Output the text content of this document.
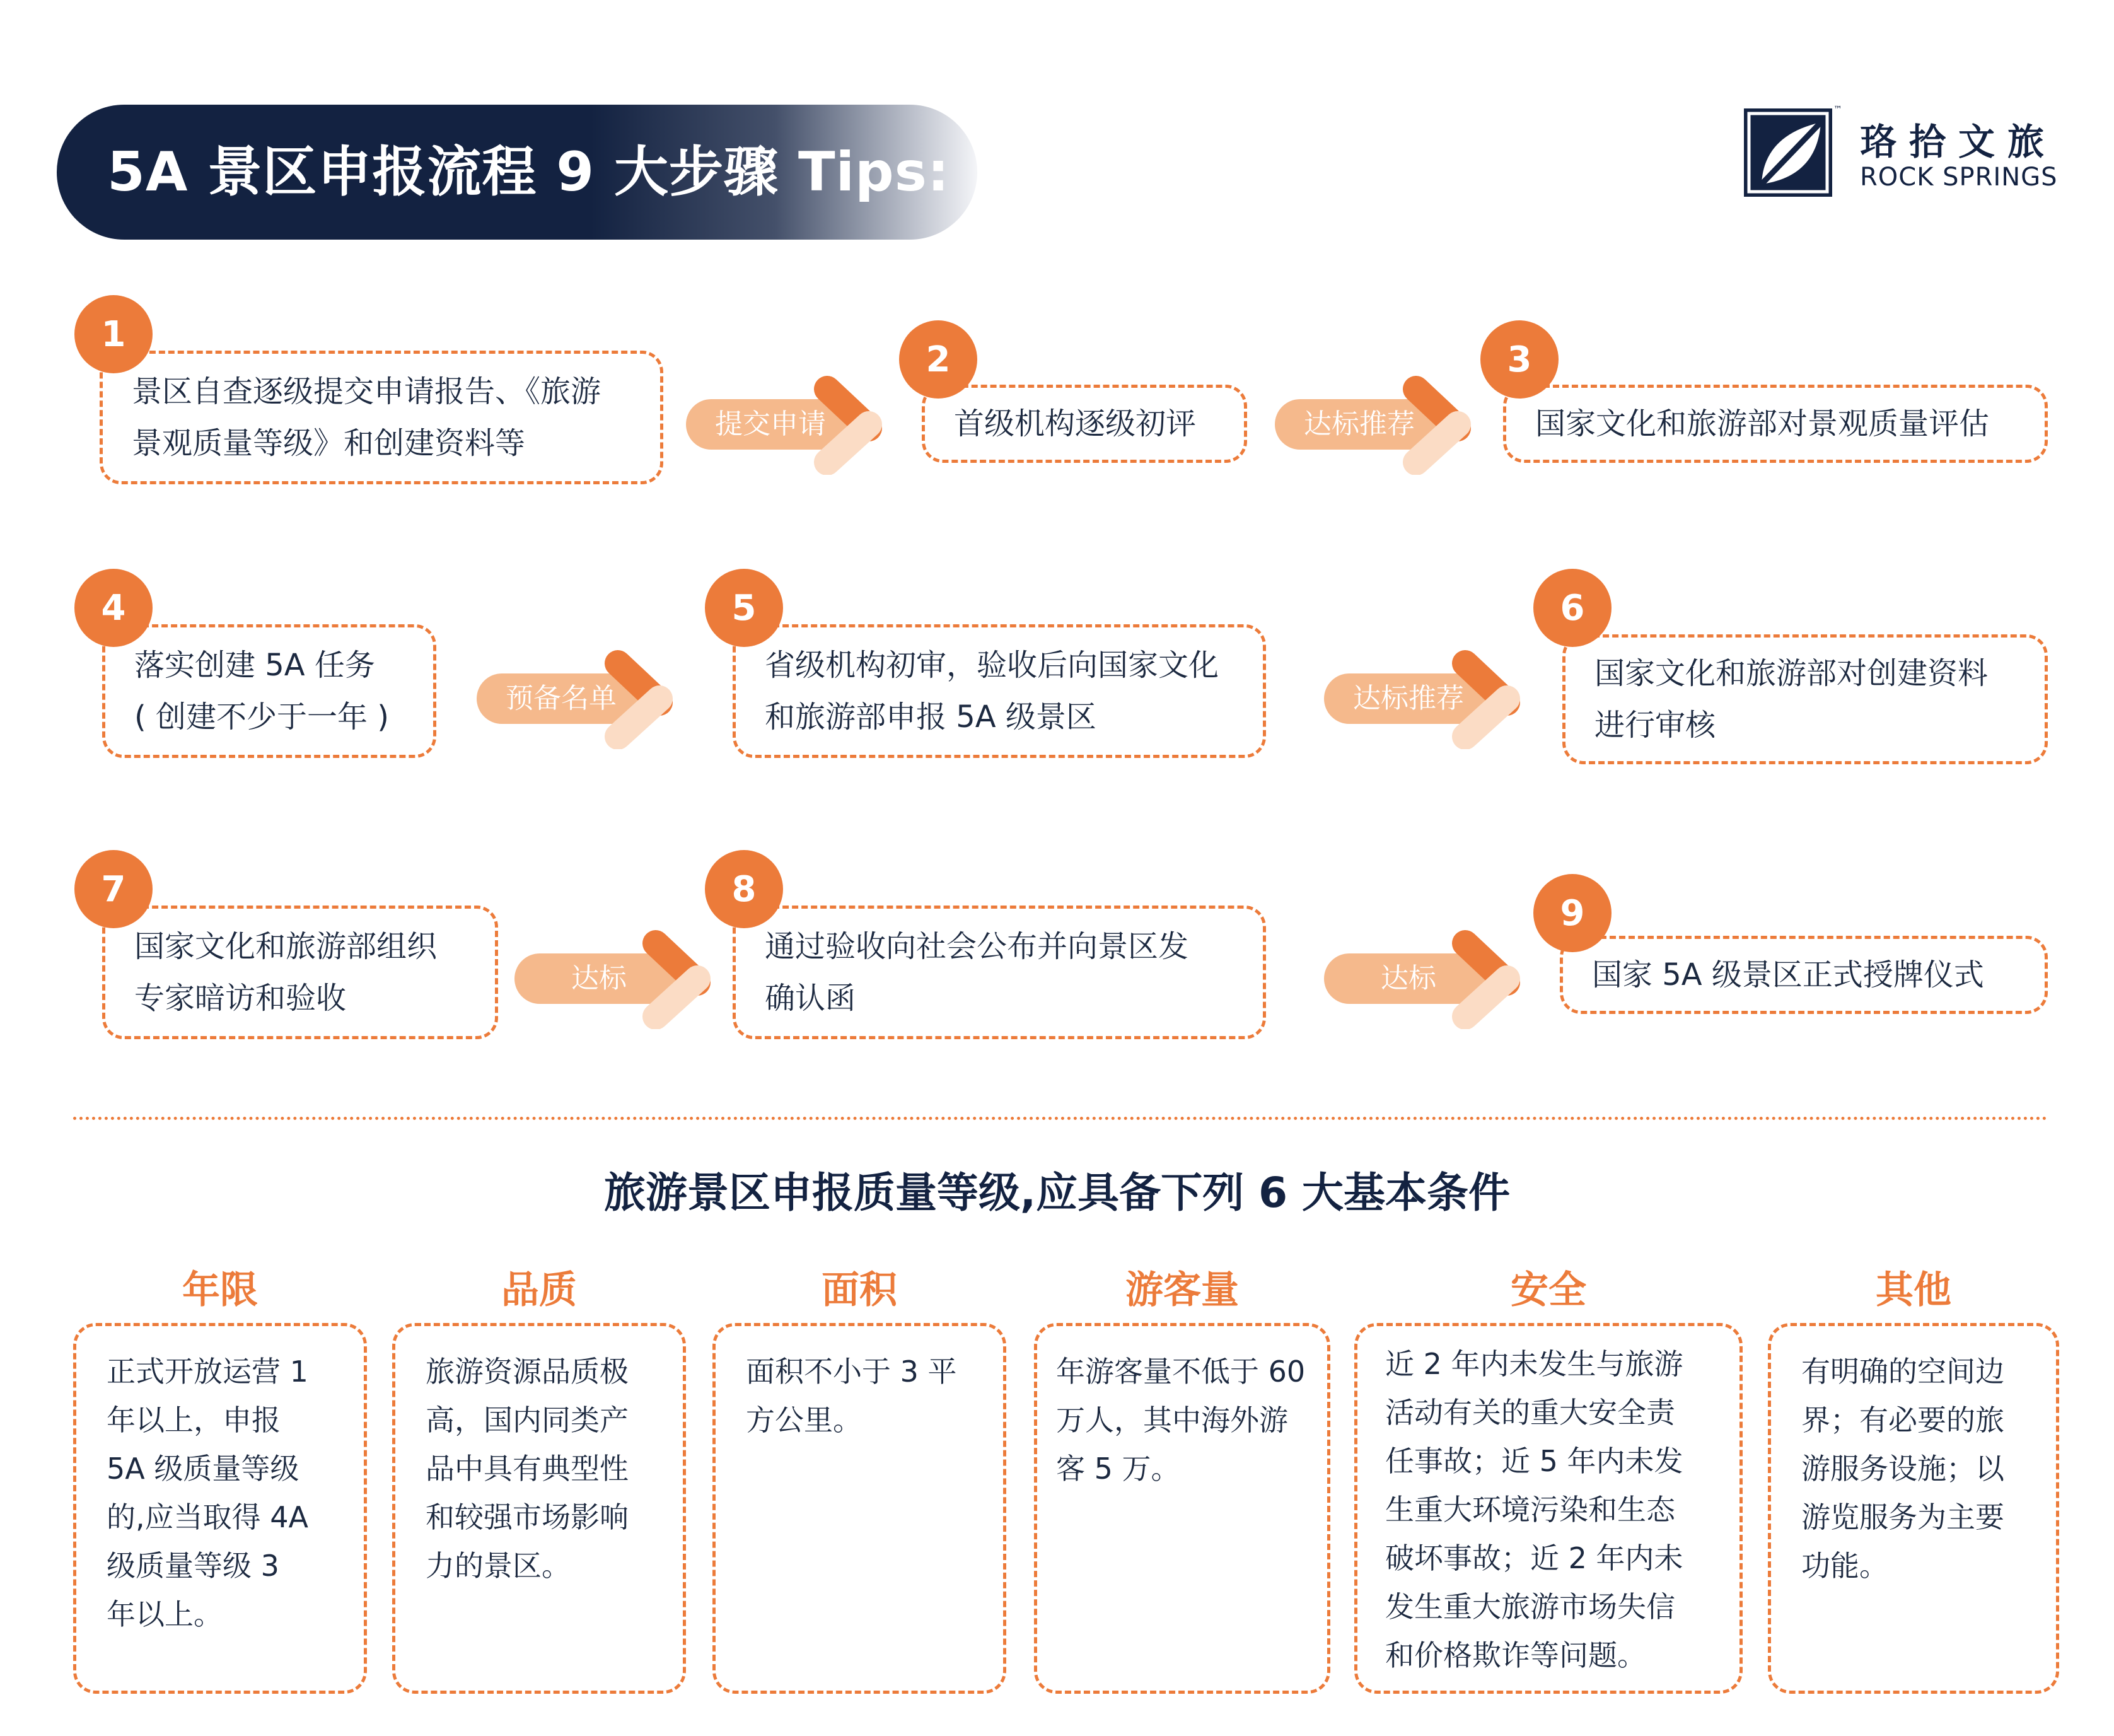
5A 景区申报流程 9 大步骤 Tips:
™
珞拾文旅
ROCK SPRINGS
景区自查逐级提交申请报告、《旅游
景观质量等级》和创建资料等
1
提交申请	首级机构逐级初评
2
达标推荐	国家文化和旅游部对景观质量评估
3
落实创建 5A 任务
( 创建不少于一年 )
4
预备名单
省级机构初审，验收后向国家文化
和旅游部申报 5A 级景区
5
达标推荐
国家文化和旅游部对创建资料
进行审核
6
国家文化和旅游部组织
专家暗访和验收
7
达标
通过验收向社会公布并向景区发
确认函
8
达标	国家 5A 级景区正式授牌仪式
9
旅游景区申报质量等级,应具备下列 6 大基本条件
年限
正式开放运营 1
年以上，申报
5A 级质量等级
的,应当取得 4A
级质量等级 3
年以上。
品质
旅游资源品质极
高，国内同类产
品中具有典型性
和较强市场影响
力的景区。
面积
面积不小于 3 平
方公里。
游客量
年游客量不低于 60
万人，其中海外游
客 5 万。
安全
近 2 年内未发生与旅游
活动有关的重大安全责
任事故；近 5 年内未发
生重大环境污染和生态
破坏事故；近 2 年内未
发生重大旅游市场失信
和价格欺诈等问题。
其他
有明确的空间边
界；有必要的旅
游服务设施；以
游览服务为主要
功能。
